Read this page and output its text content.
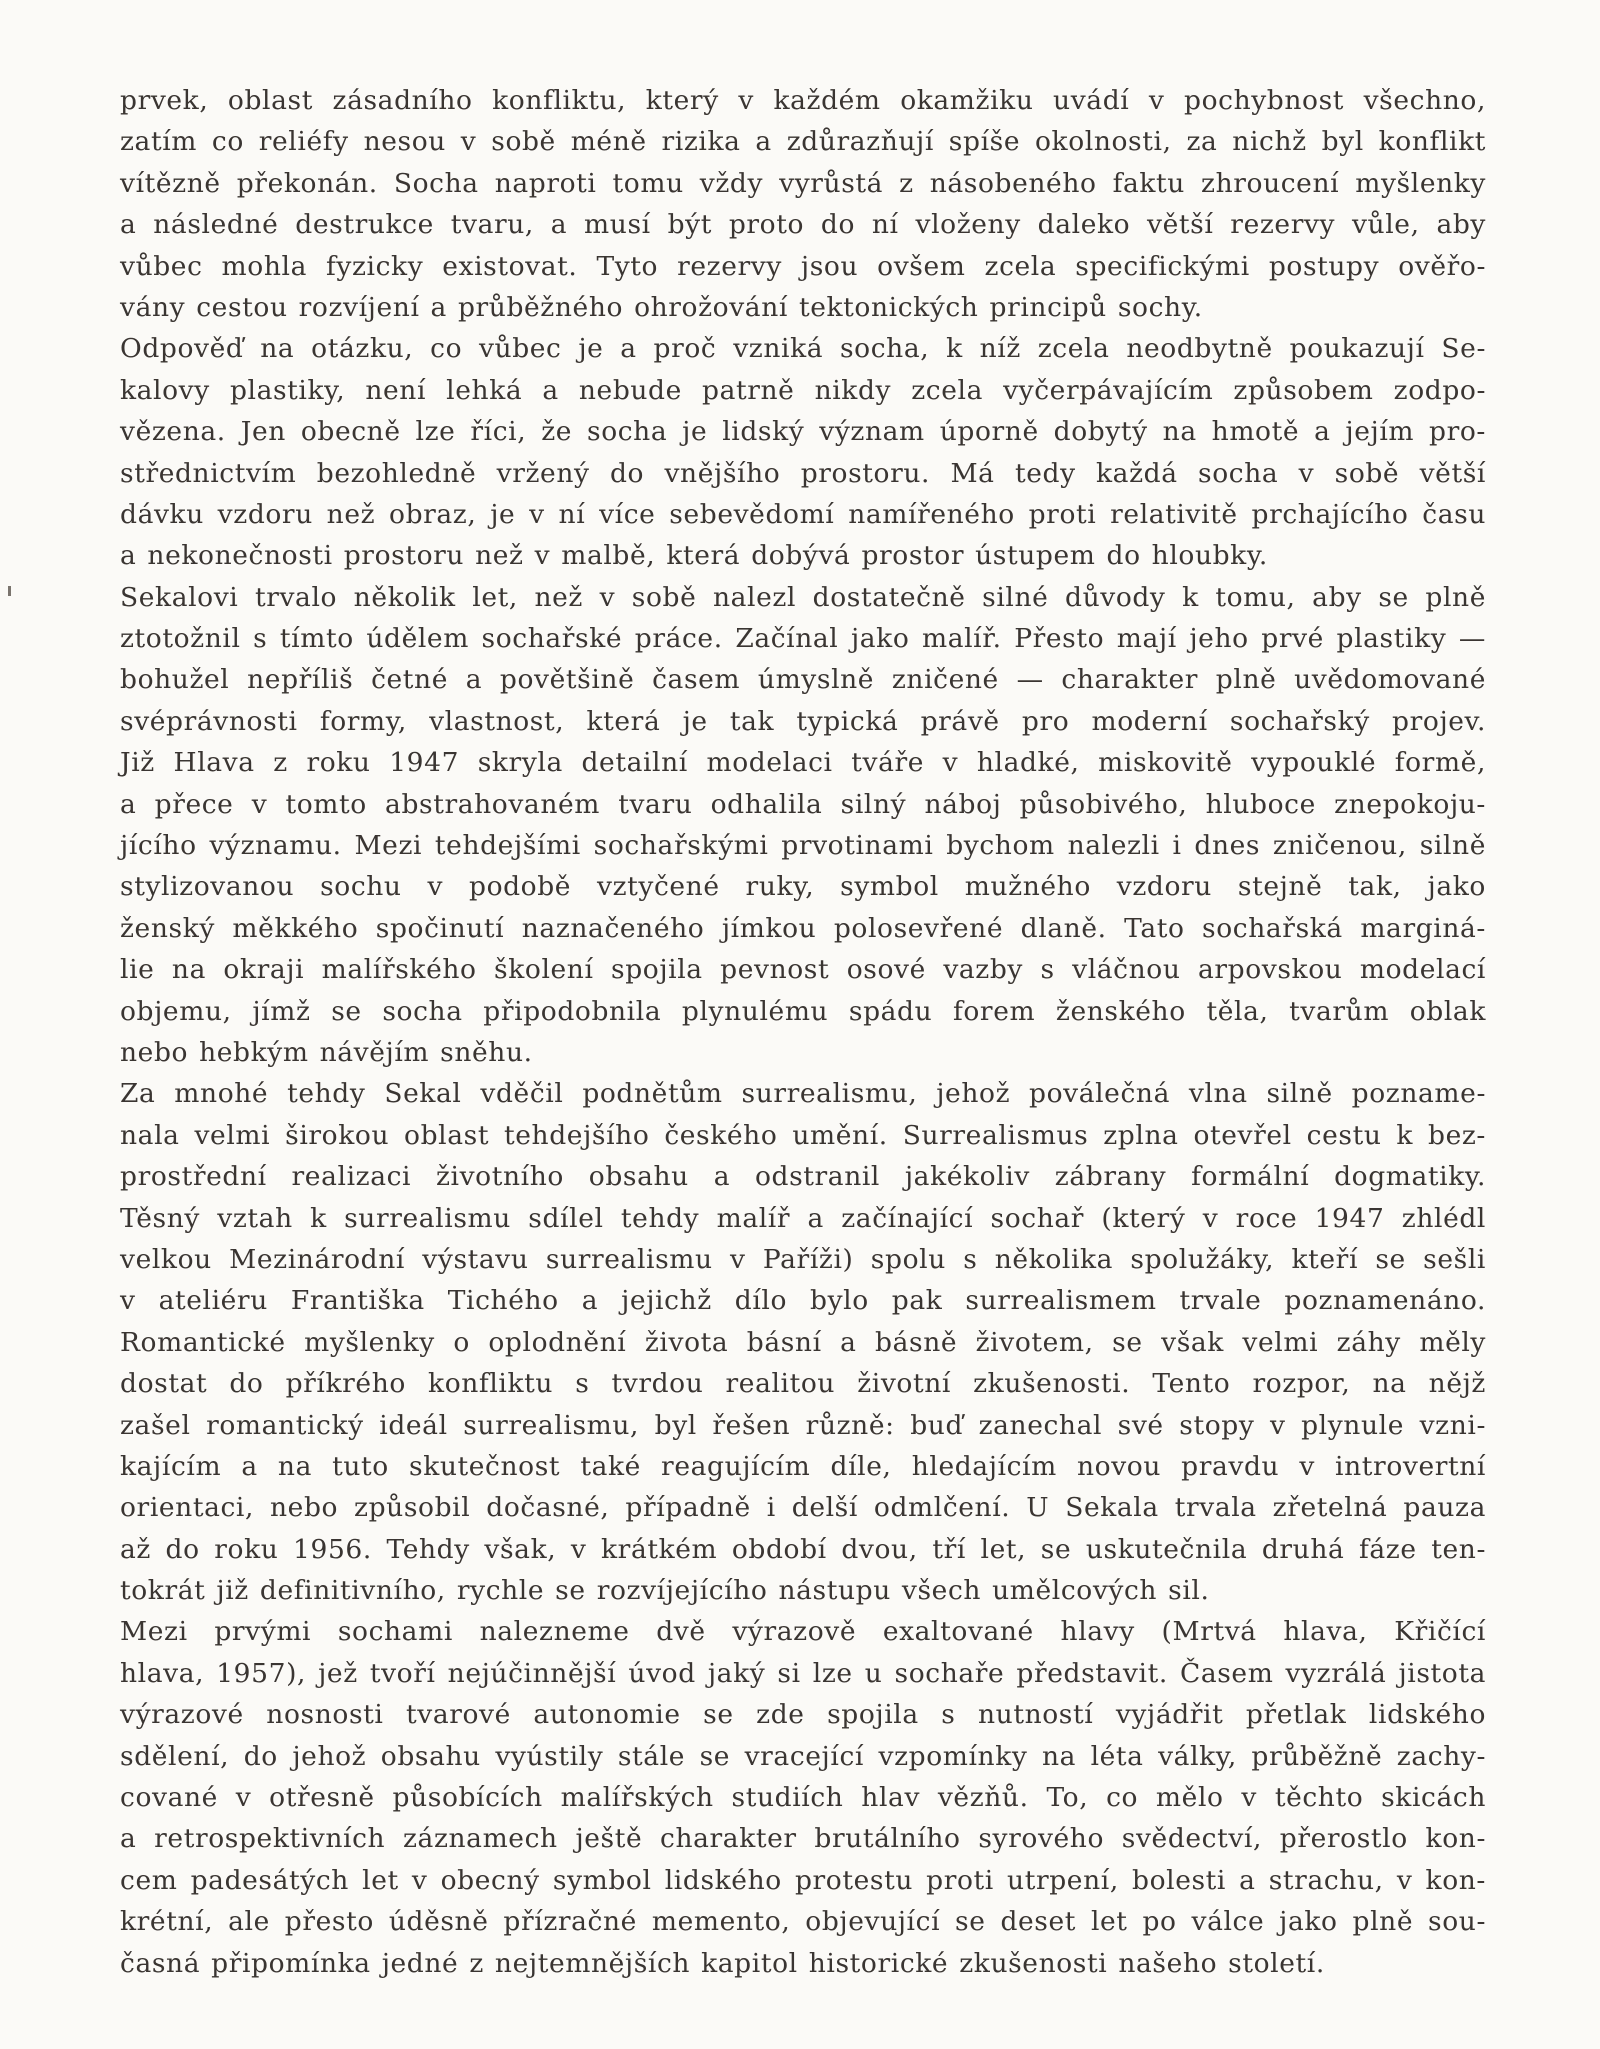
prvek, oblast zásadního konfliktu, který v každém okamžiku uvádí v pochybnost všechno,
zatím co reliéfy nesou v sobě méně rizika a zdůrazňují spíše okolnosti, za nichž byl konflikt
vítězně překonán. Socha naproti tomu vždy vyrůstá z násobeného faktu zhroucení myšlenky
a následné destrukce tvaru, a musí být proto do ní vloženy daleko větší rezervy vůle, aby
vůbec mohla fyzicky existovat. Tyto rezervy jsou ovšem zcela specifickými postupy ověřo-
vány cestou rozvíjení a průběžného ohrožování tektonických principů sochy.
Odpověď na otázku, co vůbec je a proč vzniká socha, k níž zcela neodbytně poukazují Se-
kalovy plastiky, není lehká a nebude patrně nikdy zcela vyčerpávajícím způsobem zodpo-
vězena. Jen obecně lze říci, že socha je lidský význam úporně dobytý na hmotě a jejím pro-
střednictvím bezohledně vržený do vnějšího prostoru. Má tedy každá socha v sobě větší
dávku vzdoru než obraz, je v ní více sebevědomí namířeného proti relativitě prchajícího času
a nekonečnosti prostoru než v malbě, která dobývá prostor ústupem do hloubky.
Sekalovi trvalo několik let, než v sobě nalezl dostatečně silné důvody k tomu, aby se plně
ztotožnil s tímto údělem sochařské práce. Začínal jako malíř. Přesto mají jeho prvé plastiky —
bohužel nepříliš četné a povětšině časem úmyslně zničené — charakter plně uvědomované
svéprávnosti formy, vlastnost, která je tak typická právě pro moderní sochařský projev.
Již Hlava z roku 1947 skryla detailní modelaci tváře v hladké, miskovitě vypouklé formě,
a přece v tomto abstrahovaném tvaru odhalila silný náboj působivého, hluboce znepokoju-
jícího významu. Mezi tehdejšími sochařskými prvotinami bychom nalezli i dnes zničenou, silně
stylizovanou sochu v podobě vztyčené ruky, symbol mužného vzdoru stejně tak, jako
ženský měkkého spočinutí naznačeného jímkou polosevřené dlaně. Tato sochařská marginá-
lie na okraji malířského školení spojila pevnost osové vazby s vláčnou arpovskou modelací
objemu, jímž se socha připodobnila plynulému spádu forem ženského těla, tvarům oblak
nebo hebkým návějím sněhu.
Za mnohé tehdy Sekal vděčil podnětům surrealismu, jehož poválečná vlna silně poznamе-
nala velmi širokou oblast tehdejšího českého umění. Surrealismus zplna otevřel cestu k bez-
prostřední realizaci životního obsahu a odstranil jakékoliv zábrany formální dogmatiky.
Těsný vztah k surrealismu sdílel tehdy malíř a začínající sochař (který v roce 1947 zhlédl
velkou Mezinárodní výstavu surrealismu v Paříži) spolu s několika spolužáky, kteří se sešli
v ateliéru Františka Tichého a jejichž dílo bylo pak surrealismem trvale poznamenáno.
Romantické myšlenky o oplodnění života básní a básně životem, se však velmi záhy měly
dostat do příkrého konfliktu s tvrdou realitou životní zkušenosti. Tento rozpor, na nějž
zašel romantický ideál surrealismu, byl řešen různě: buď zanechal své stopy v plynule vzni-
kajícím a na tuto skutečnost také reagujícím díle, hledajícím novou pravdu v introvertní
orientaci, nebo způsobil dočasné, případně i delší odmlčení. U Sekala trvala zřetelná pauza
až do roku 1956. Tehdy však, v krátkém období dvou, tří let, se uskutečnila druhá fáze ten-
tokrát již definitivního, rychle se rozvíjejícího nástupu všech umělcových sil.
Mezi prvými sochami nalezneme dvě výrazově exaltované hlavy (Mrtvá hlava, Křičící
hlava, 1957), jež tvoří nejúčinnější úvod jaký si lze u sochaře představit. Časem vyzrálá jistota
výrazové nosnosti tvarové autonomie se zde spojila s nutností vyjádřit přetlak lidského
sdělení, do jehož obsahu vyústily stále se vracející vzpomínky na léta války, průběžně zachy-
cované v otřesně působících malířských studiích hlav vězňů. To, co mělo v těchto skicách
a retrospektivních záznamech ještě charakter brutálního syrového svědectví, přerostlo kon-
cem padesátých let v obecný symbol lidského protestu proti utrpení, bolesti a strachu, v kon-
krétní, ale přesto úděsně přízračné memento, objevující se deset let po válce jako plně sou-
časná připomínka jedné z nejtemnějších kapitol historické zkušenosti našeho století.
